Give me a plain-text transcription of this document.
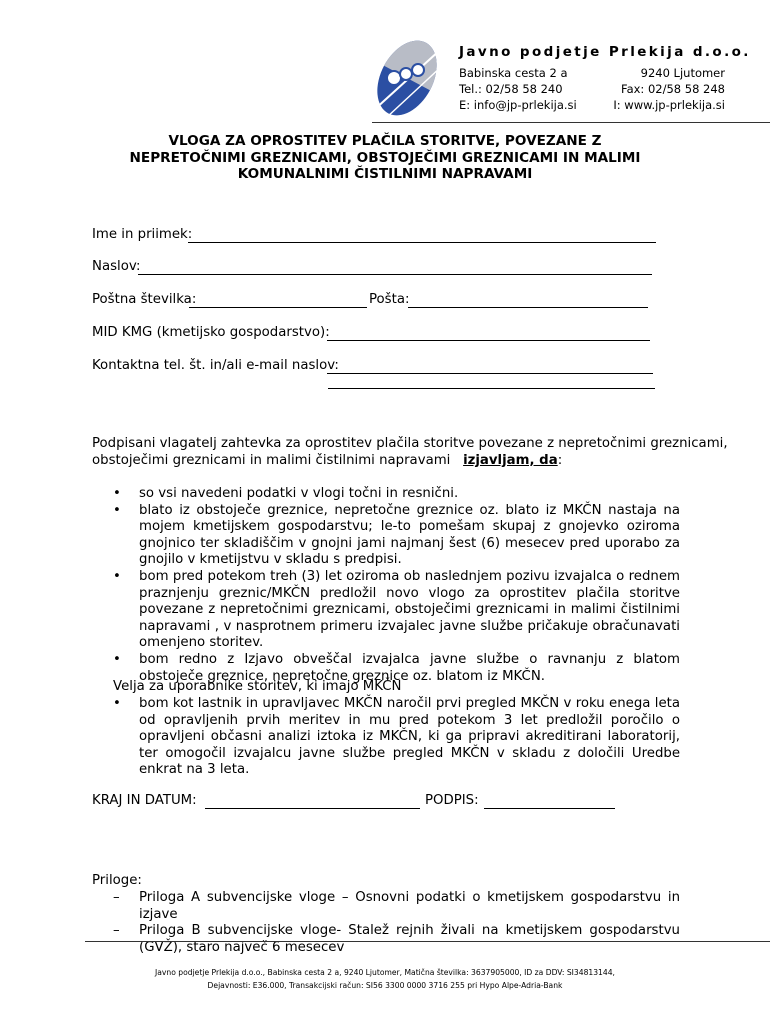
Javno podjetje Prlekija d.o.o.
Babinska cesta 2 a	9240 Ljutomer
Tel.: 02/58 58 240	Fax: 02/58 58 248
E: info@jp-prlekija.si	I: www.jp-prlekija.si
VLOGA ZA OPROSTITEV PLAČILA STORITVE, POVEZANE Z
NEPRETOČNIMI GREZNICAMI, OBSTOJEČIMI GREZNICAMI IN MALIMI
KOMUNALNIMI ČISTILNIMI NAPRAVAMI
Ime in priimek:
Naslov:
Poštna številka:	Pošta:
MID KMG (kmetijsko gospodarstvo):
Kontaktna tel. št. in/ali e-mail naslov:
Podpisani vlagatelj zahtevka za oprostitev plačila storitve povezane z nepretočnimi greznicami,
obstoječimi greznicami in malimi čistilnimi napravami izjavljam, da:
• so vsi navedeni podatki v vlogi točni in resnični.
• blato iz obstoječe greznice, nepretočne greznice oz. blato iz MKČN nastaja na mojem kmetijskem gospodarstvu; le-to pomešam skupaj z gnojevko oziroma gnojnico ter skladiščim v gnojni jami najmanj šest (6) mesecev pred uporabo za gnojilo v kmetijstvu v skladu s predpisi.
• bom pred potekom treh (3) let oziroma ob naslednjem pozivu izvajalca o rednem praznjenju greznic/MKČN predložil novo vlogo za oprostitev plačila storitve povezane z nepretočnimi greznicami, obstoječimi greznicami in malimi čistilnimi napravami , v nasprotnem primeru izvajalec javne službe pričakuje obračunavati omenjeno storitev.
• bom redno z Izjavo obveščal izvajalca javne službe o ravnanju z blatom obstoječe greznice, nepretočne greznice oz. blatom iz MKČN.
Velja za uporabnike storitev, ki imajo MKČN
• bom kot lastnik in upravljavec MKČN naročil prvi pregled MKČN v roku enega leta od opravljenih prvih meritev in mu pred potekom 3 let predložil poročilo o opravljeni občasni analizi iztoka iz MKČN, ki ga pripravi akreditirani laboratorij, ter omogočil izvajalcu javne službe pregled MKČN v skladu z določili Uredbe enkrat na 3 leta.
KRAJ IN DATUM:	PODPIS:
Priloge:
– Priloga A subvencijske vloge – Osnovni podatki o kmetijskem gospodarstvu in izjave
– Priloga B subvencijske vloge- Stalež rejnih živali na kmetijskem gospodarstvu (GVŽ), staro največ 6 mesecev
Javno podjetje Prlekija d.o.o., Babinska cesta 2 a, 9240 Ljutomer, Matična številka: 3637905000, ID za DDV: SI34813144,
Dejavnosti: E36.000, Transakcijski račun: SI56 3300 0000 3716 255 pri Hypo Alpe-Adria-Bank
